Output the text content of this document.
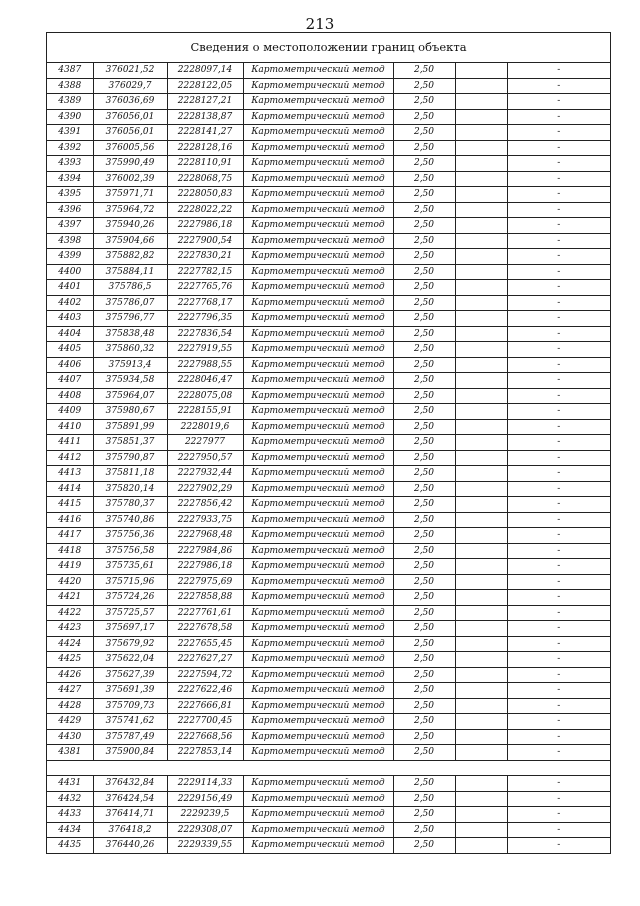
213
Сведения о местоположении границ объекта
4387	376021,52	2228097,14	Картометрический метод	2,50		-
4388	376029,7	2228122,05	Картометрический метод	2,50		-
4389	376036,69	2228127,21	Картометрический метод	2,50		-
4390	376056,01	2228138,87	Картометрический метод	2,50		-
4391	376056,01	2228141,27	Картометрический метод	2,50		-
4392	376005,56	2228128,16	Картометрический метод	2,50		-
4393	375990,49	2228110,91	Картометрический метод	2,50		-
4394	376002,39	2228068,75	Картометрический метод	2,50		-
4395	375971,71	2228050,83	Картометрический метод	2,50		-
4396	375964,72	2228022,22	Картометрический метод	2,50		-
4397	375940,26	2227986,18	Картометрический метод	2,50		-
4398	375904,66	2227900,54	Картометрический метод	2,50		-
4399	375882,82	2227830,21	Картометрический метод	2,50		-
4400	375884,11	2227782,15	Картометрический метод	2,50		-
4401	375786,5	2227765,76	Картометрический метод	2,50		-
4402	375786,07	2227768,17	Картометрический метод	2,50		-
4403	375796,77	2227796,35	Картометрический метод	2,50		-
4404	375838,48	2227836,54	Картометрический метод	2,50		-
4405	375860,32	2227919,55	Картометрический метод	2,50		-
4406	375913,4	2227988,55	Картометрический метод	2,50		-
4407	375934,58	2228046,47	Картометрический метод	2,50		-
4408	375964,07	2228075,08	Картометрический метод	2,50		-
4409	375980,67	2228155,91	Картометрический метод	2,50		-
4410	375891,99	2228019,6	Картометрический метод	2,50		-
4411	375851,37	2227977	Картометрический метод	2,50		-
4412	375790,87	2227950,57	Картометрический метод	2,50		-
4413	375811,18	2227932,44	Картометрический метод	2,50		-
4414	375820,14	2227902,29	Картометрический метод	2,50		-
4415	375780,37	2227856,42	Картометрический метод	2,50		-
4416	375740,86	2227933,75	Картометрический метод	2,50		-
4417	375756,36	2227968,48	Картометрический метод	2,50		-
4418	375756,58	2227984,86	Картометрический метод	2,50		-
4419	375735,61	2227986,18	Картометрический метод	2,50		-
4420	375715,96	2227975,69	Картометрический метод	2,50		-
4421	375724,26	2227858,88	Картометрический метод	2,50		-
4422	375725,57	2227761,61	Картометрический метод	2,50		-
4423	375697,17	2227678,58	Картометрический метод	2,50		-
4424	375679,92	2227655,45	Картометрический метод	2,50		-
4425	375622,04	2227627,27	Картометрический метод	2,50		-
4426	375627,39	2227594,72	Картометрический метод	2,50		-
4427	375691,39	2227622,46	Картометрический метод	2,50		-
4428	375709,73	2227666,81	Картометрический метод	2,50		-
4429	375741,62	2227700,45	Картометрический метод	2,50		-
4430	375787,49	2227668,56	Картометрический метод	2,50		-
4381	375900,84	2227853,14	Картометрический метод	2,50		-

4431	376432,84	2229114,33	Картометрический метод	2,50		-
4432	376424,54	2229156,49	Картометрический метод	2,50		-
4433	376414,71	2229239,5	Картометрический метод	2,50		-
4434	376418,2	2229308,07	Картометрический метод	2,50		-
4435	376440,26	2229339,55	Картометрический метод	2,50		-
